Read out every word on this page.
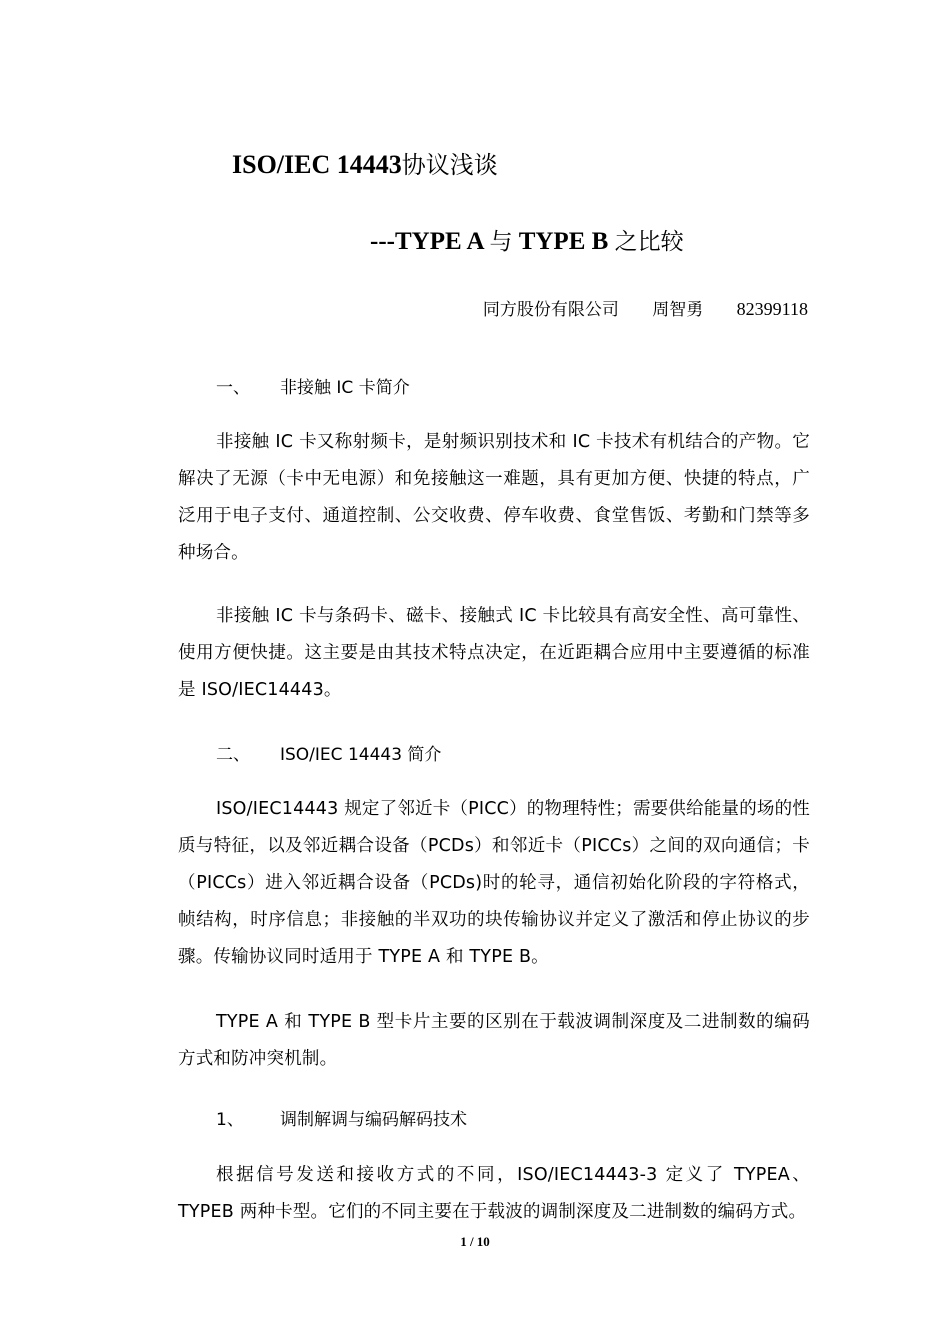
ISO/IEC 14443协议浅谈
---TYPE A 与 TYPE B 之比较
同方股份有限公司 周智勇 82399118
一、 非接触 IC 卡简介
非接触 IC 卡又称射频卡，是射频识别技术和 IC 卡技术有机结合的产物。它解决了无源（卡中无电源）和免接触这一难题，具有更加方便、快捷的特点，广泛用于电子支付、通道控制、公交收费、停车收费、食堂售饭、考勤和门禁等多种场合。
非接触 IC 卡与条码卡、磁卡、接触式 IC 卡比较具有高安全性、高可靠性、使用方便快捷。这主要是由其技术特点决定，在近距耦合应用中主要遵循的标准是 ISO/IEC14443。
二、 ISO/IEC 14443 简介
ISO/IEC14443 规定了邻近卡（PICC）的物理特性；需要供给能量的场的性质与特征，以及邻近耦合设备（PCDs）和邻近卡（PICCs）之间的双向通信；卡（PICCs）进入邻近耦合设备（PCDs)时的轮寻，通信初始化阶段的字符格式，帧结构，时序信息；非接触的半双功的块传输协议并定义了激活和停止协议的步骤。传输协议同时适用于 TYPE A 和 TYPE B。
TYPE A 和 TYPE B 型卡片主要的区别在于载波调制深度及二进制数的编码方式和防冲突机制。
1、 调制解调与编码解码技术
根据信号发送和接收方式的不同，ISO/IEC14443-3 定义了 TYPEA、TYPEB 两种卡型。它们的不同主要在于载波的调制深度及二进制数的编码方式。
1 / 10
